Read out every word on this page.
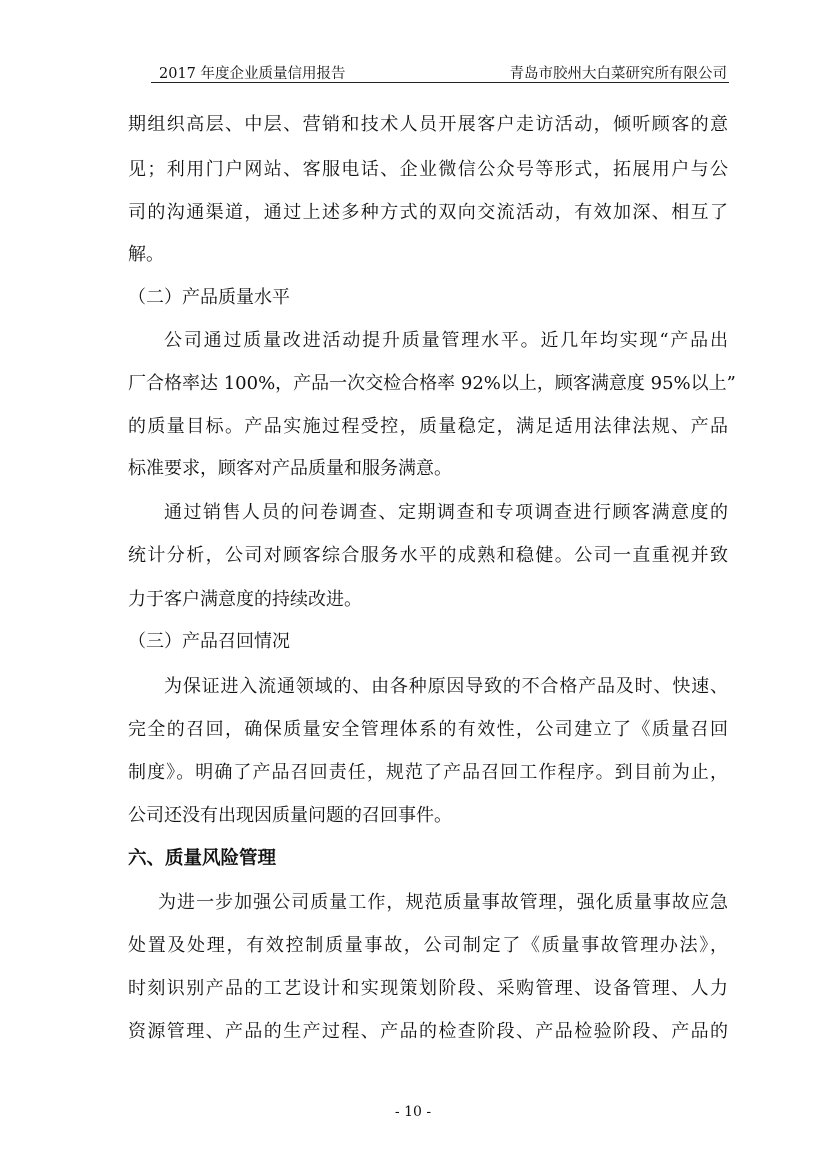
2017 年度企业质量信用报告	青岛市胶州大白菜研究所有限公司
期组织高层、中层、营销和技术人员开展客户走访活动，倾听顾客的意
见；利用门户网站、客服电话、企业微信公众号等形式，拓展用户与公
司的沟通渠道，通过上述多种方式的双向交流活动，有效加深、相互了
解。
（二）产品质量水平
公司通过质量改进活动提升质量管理水平。近几年均实现“产品出
厂合格率达 100%，产品一次交检合格率 92%以上，顾客满意度 95%以上”
的质量目标。产品实施过程受控，质量稳定，满足适用法律法规、产品
标准要求，顾客对产品质量和服务满意。
通过销售人员的问卷调查、定期调查和专项调查进行顾客满意度的
统计分析，公司对顾客综合服务水平的成熟和稳健。公司一直重视并致
力于客户满意度的持续改进。
（三）产品召回情况
为保证进入流通领域的、由各种原因导致的不合格产品及时、快速、
完全的召回，确保质量安全管理体系的有效性，公司建立了《质量召回
制度》。明确了产品召回责任，规范了产品召回工作程序。到目前为止，
公司还没有出现因质量问题的召回事件。
六、质量风险管理
为进一步加强公司质量工作，规范质量事故管理，强化质量事故应急
处置及处理，有效控制质量事故，公司制定了《质量事故管理办法》，
时刻识别产品的工艺设计和实现策划阶段、采购管理、设备管理、人力
资源管理、产品的生产过程、产品的检查阶段、产品检验阶段、产品的
- 10 -
